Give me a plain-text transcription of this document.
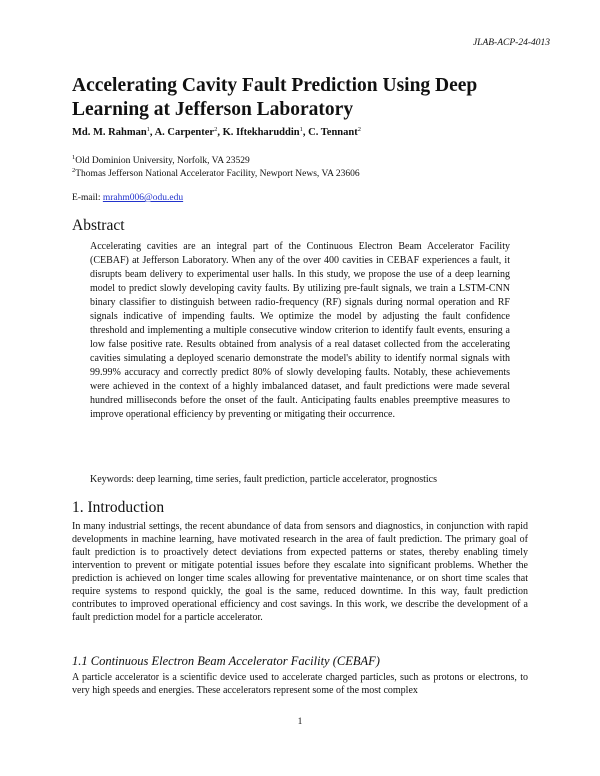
JLAB-ACP-24-4013
Accelerating Cavity Fault Prediction Using Deep Learning at Jefferson Laboratory
Md. M. Rahman$^1$, A. Carpenter$^2$, K. Iftekharuddin$^1$, C. Tennant$^2$
$^1$Old Dominion University, Norfolk, VA 23529
$^2$Thomas Jefferson National Accelerator Facility, Newport News, VA 23606
E-mail: mrahm006@odu.edu
Abstract
Accelerating cavities are an integral part of the Continuous Electron Beam Accelerator Facility (CEBAF) at Jefferson Laboratory. When any of the over 400 cavities in CEBAF experiences a fault, it disrupts beam delivery to experimental user halls. In this study, we propose the use of a deep learning model to predict slowly developing cavity faults. By utilizing pre-fault signals, we train a LSTM-CNN binary classifier to distinguish between radio-frequency (RF) signals during normal operation and RF signals indicative of impending faults. We optimize the model by adjusting the fault confidence threshold and implementing a multiple consecutive window criterion to identify fault events, ensuring a low false positive rate. Results obtained from analysis of a real dataset collected from the accelerating cavities simulating a deployed scenario demonstrate the model's ability to identify normal signals with 99.99% accuracy and correctly predict 80% of slowly developing faults. Notably, these achievements were achieved in the context of a highly imbalanced dataset, and fault predictions were made several hundred milliseconds before the onset of the fault. Anticipating faults enables preemptive measures to improve operational efficiency by preventing or mitigating their occurrence.
Keywords: deep learning, time series, fault prediction, particle accelerator, prognostics
1. Introduction
In many industrial settings, the recent abundance of data from sensors and diagnostics, in conjunction with rapid developments in machine learning, have motivated research in the area of fault prediction. The primary goal of fault prediction is to proactively detect deviations from expected patterns or states, thereby enabling timely intervention to prevent or mitigate potential issues before they escalate into significant problems. Whether the prediction is achieved on longer time scales allowing for preventative maintenance, or on short time scales that require systems to respond quickly, the goal is the same, reduced downtime. In this way, fault prediction contributes to improved operational efficiency and cost savings. In this work, we describe the development of a fault prediction model for a particle accelerator.
1.1 Continuous Electron Beam Accelerator Facility (CEBAF)
A particle accelerator is a scientific device used to accelerate charged particles, such as protons or electrons, to very high speeds and energies. These accelerators represent some of the most complex
1
